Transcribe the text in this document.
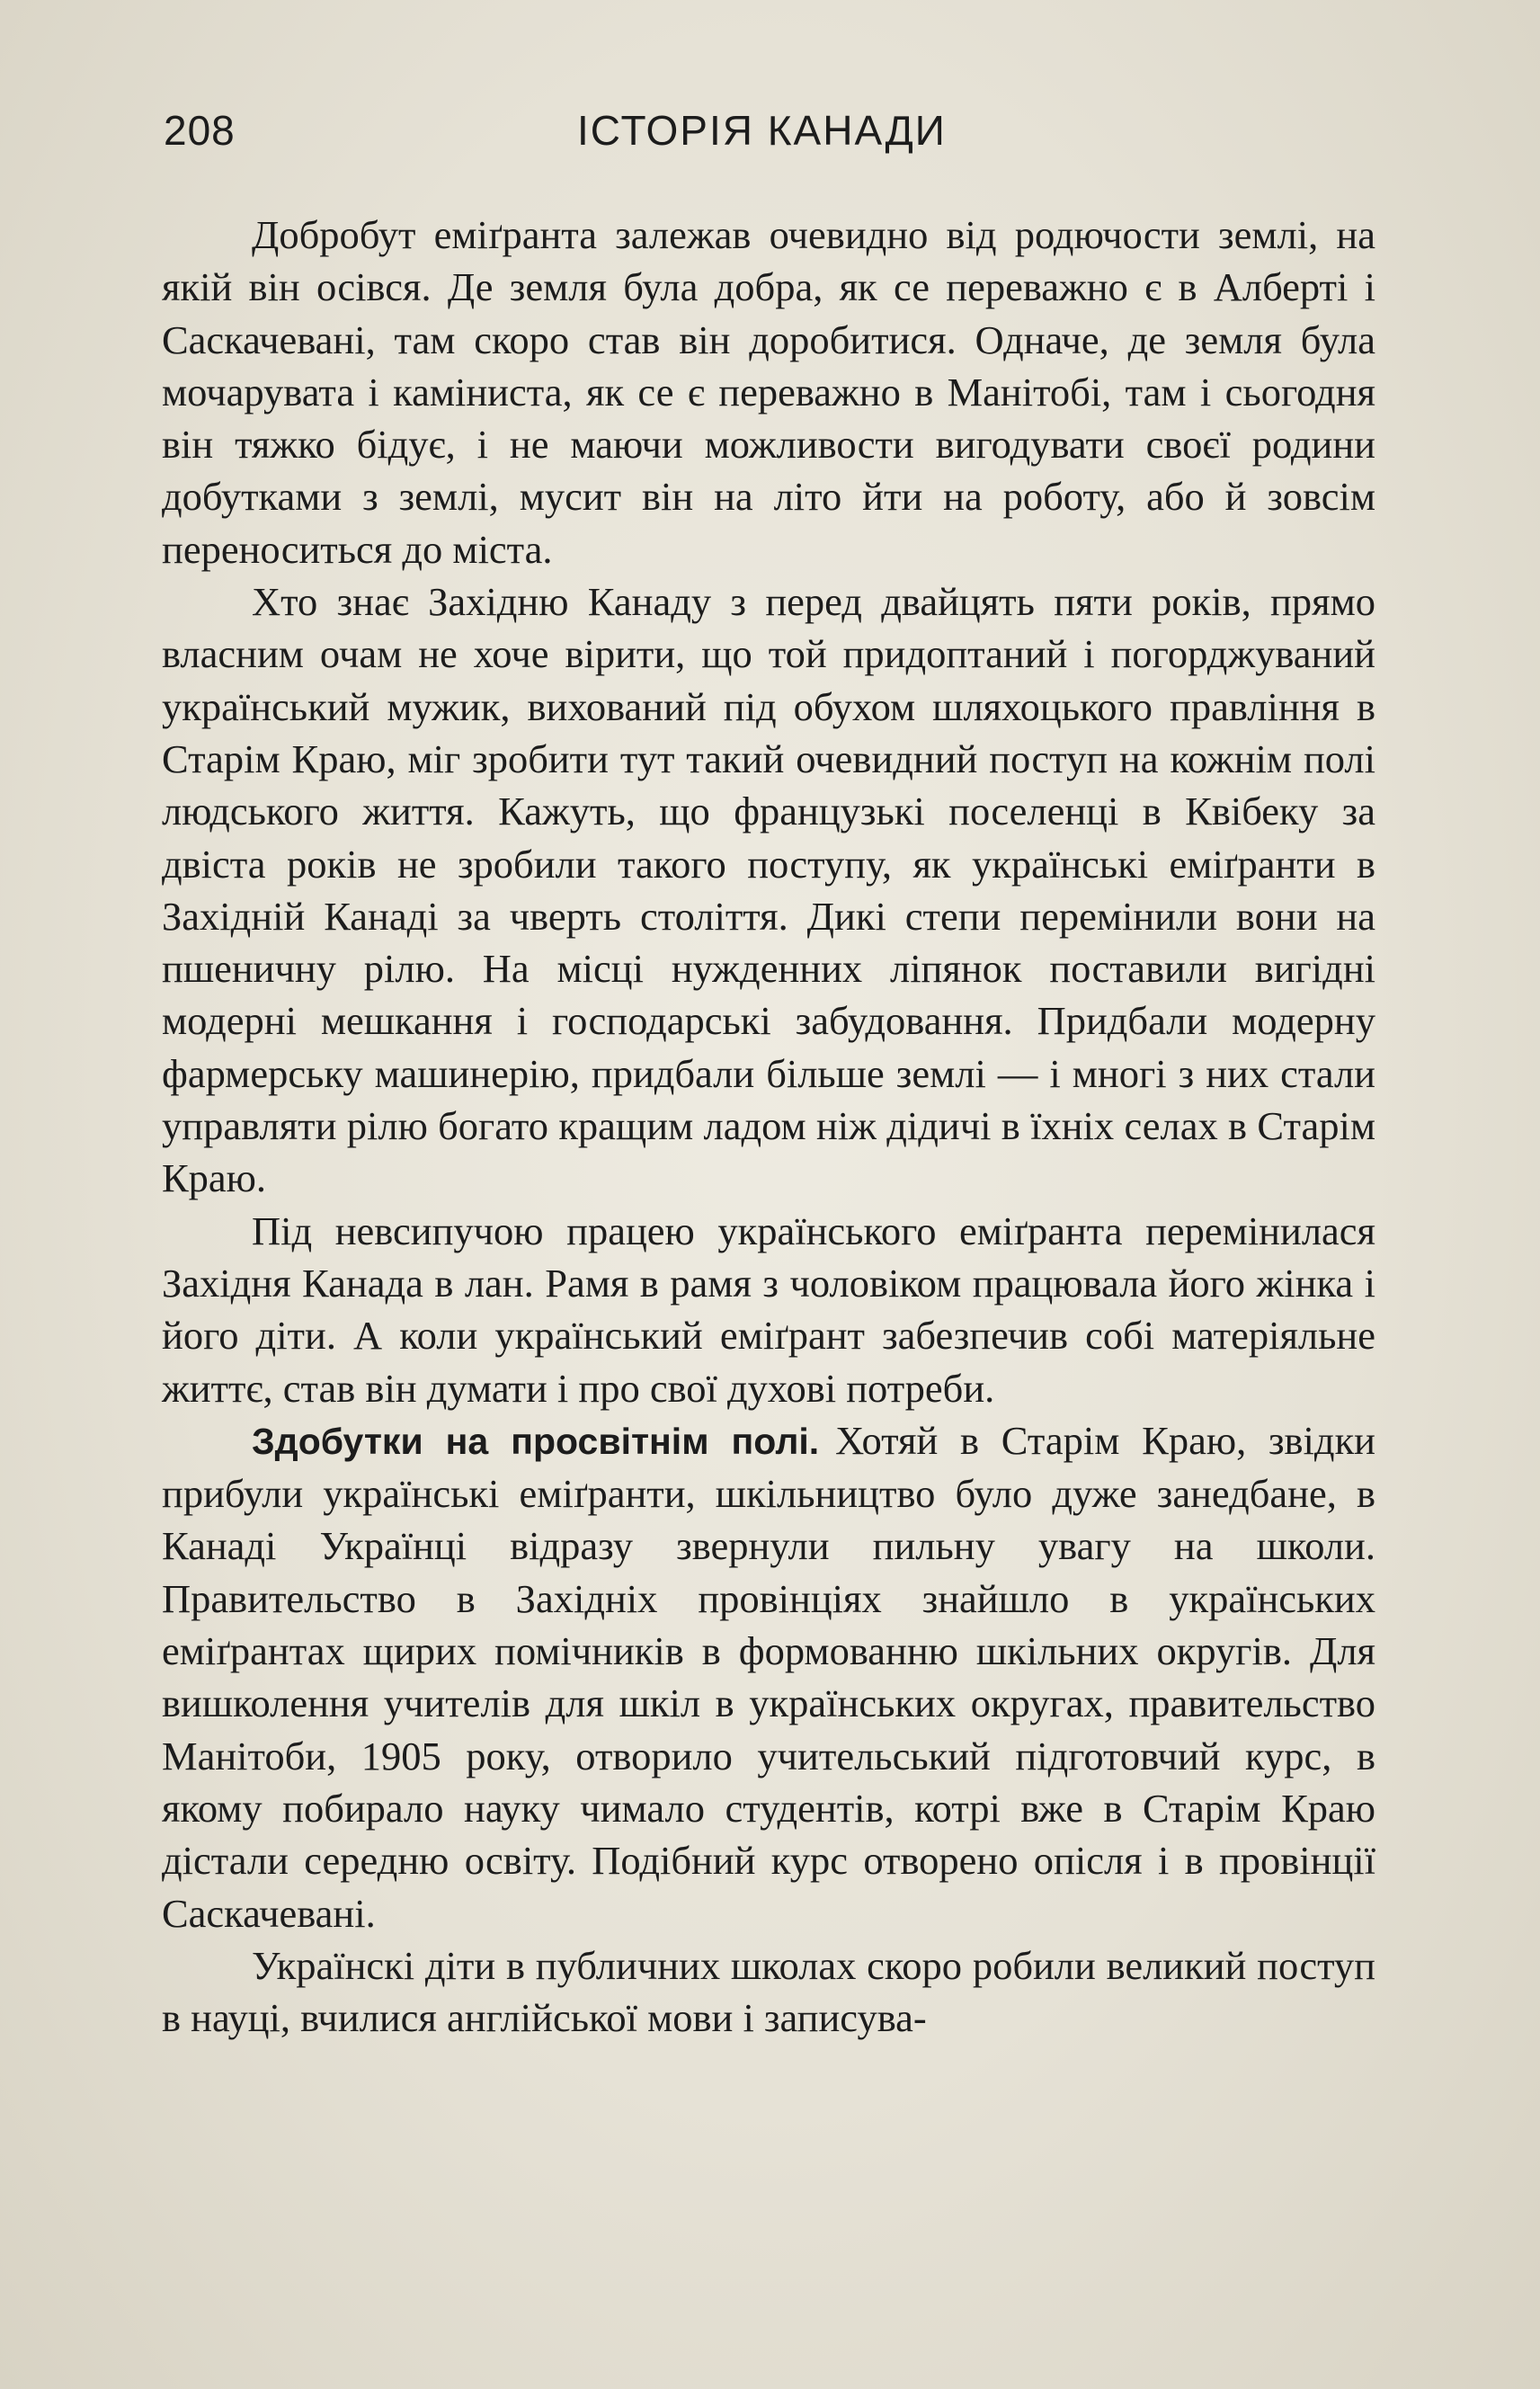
208	ІСТОРІЯ КАНАДИ

Добробут еміґранта залежав очевидно від родючости землі, на якій він осівся. Де земля була добра, як се переважно є в Алберті і Саскачевані, там скоро став він доробитися. Одначе, де земля була мочарувата і каміниста, як се є переважно в Манітобі, там і сьогодня він тяжко бідує, і не маючи можливости вигодувати своєї родини добутками з землі, мусит він на літо йти на роботу, або й зовсім переноситься до міста.

Хто знає Західню Канаду з перед двайцять пяти років, прямо власним очам не хоче вірити, що той придоптаний і погорджуваний український мужик, вихований під обухом шляхоцького правління в Старім Краю, міг зробити тут такий очевидний поступ на кожнім полі людського життя. Кажуть, що французькі поселенці в Квібеку за двіста років не зробили такого поступу, як українські еміґранти в Західній Канаді за чверть століття. Дикі степи перемінили вони на пшеничну рілю. На місці нужденних ліпянок поставили вигідні модерні мешкання і господарські забудовання. Придбали модерну фармерську машинерію, придбали більше землі — і многі з них стали управляти рілю богато кращим ладом ніж дідичі в їхніх селах в Старім Краю.

Під невсипучою працею українського еміґранта перемінилася Західня Канада в лан. Рамя в рамя з чоловіком працювала його жінка і його діти. А коли український еміґрант забезпечив собі матеріяльне життє, став він думати і про свої духові потреби.

Здобутки на просвітнім полі. Хотяй в Старім Краю, звідки прибули українські еміґранти, шкільництво було дуже занедбане, в Канаді Українці відразу звернули пильну увагу на школи. Правительство в Західніх провінціях знайшло в українських еміґрантах щирих помічників в формованню шкільних округів. Для вишколення учителів для шкіл в українських округах, правительство Манітоби, 1905 року, отворило учительський підготовчий курс, в якому побирало науку чимало студентів, котрі вже в Старім Краю дістали середню освіту. Подібний курс отворено опісля і в провінції Саскачевані.

Українскі діти в публичних школах скоро робили великий поступ в науці, вчилися англійської мови і записува-
